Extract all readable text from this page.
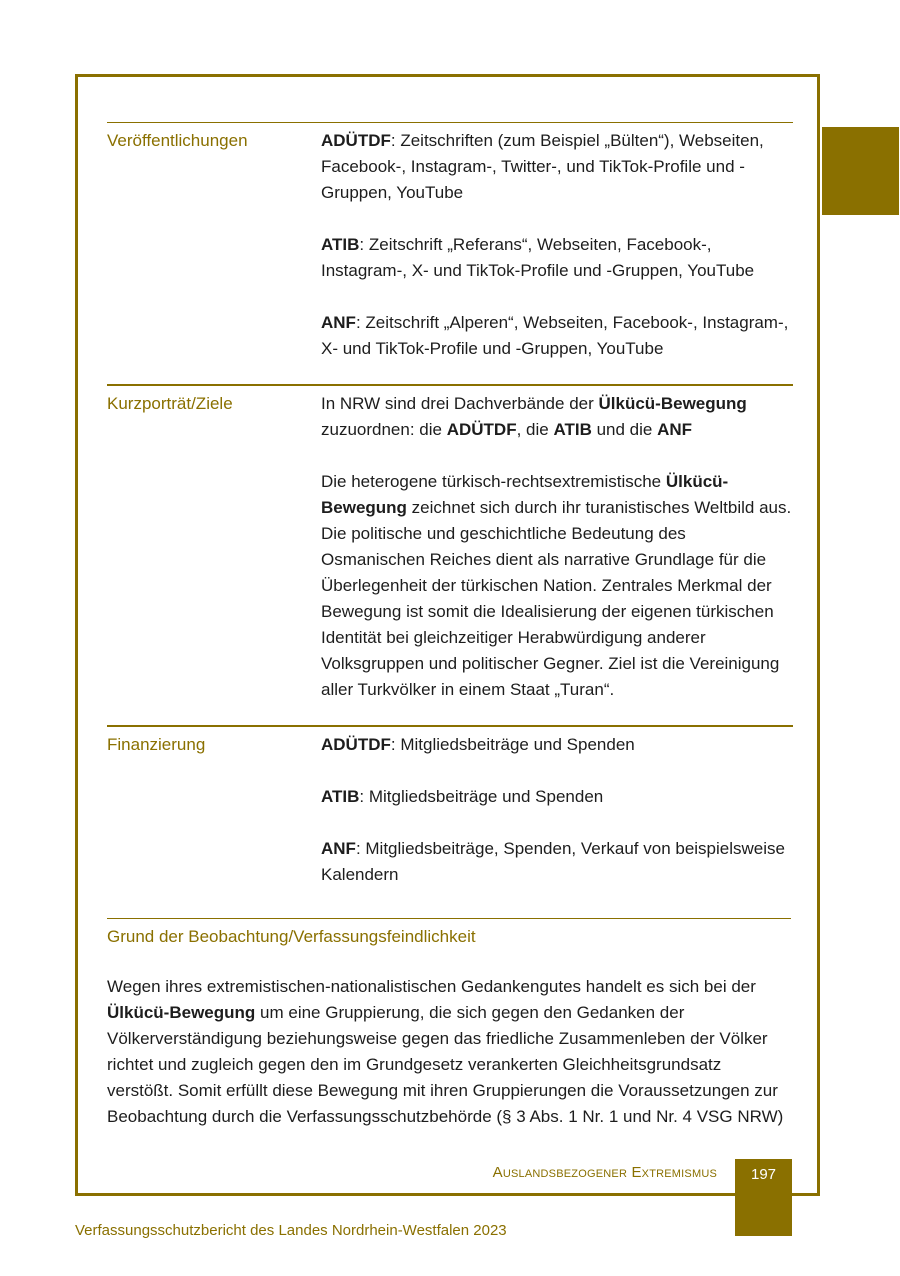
Veröffentlichungen	ADÜTDF: Zeitschriften (zum Beispiel „Bülten“), Webseiten, Facebook-, Instagram-, Twitter-, und TikTok-Profile und -Gruppen, YouTube

ATIB: Zeitschrift „Referans“, Webseiten, Facebook-, Instagram-, X- und TikTok-Profile und -Gruppen, YouTube

ANF: Zeitschrift „Alperen“, Webseiten, Facebook-, Instagram-, X- und TikTok-Profile und -Gruppen, YouTube

Kurzporträt/Ziele	In NRW sind drei Dachverbände der Ülkücü-Bewegung zuzuordnen: die ADÜTDF, die ATIB und die ANF

Die heterogene türkisch-rechtsextremistische Ülkücü-Bewegung zeichnet sich durch ihr turanistisches Weltbild aus. Die politische und geschichtliche Bedeutung des Osmanischen Reiches dient als narrative Grundlage für die Überlegenheit der türkischen Nation. Zentrales Merkmal der Bewegung ist somit die Idealisierung der eigenen türkischen Identität bei gleichzeitiger Herabwürdigung anderer Volksgruppen und politischer Gegner. Ziel ist die Vereinigung aller Turkvölker in einem Staat „Turan“.

Finanzierung	ADÜTDF: Mitgliedsbeiträge und Spenden

ATIB: Mitgliedsbeiträge und Spenden

ANF: Mitgliedsbeiträge, Spenden, Verkauf von beispielsweise Kalendern

Grund der Beobachtung/Verfassungsfeindlichkeit
Wegen ihres extremistischen-nationalistischen Gedankengutes handelt es sich bei der Ülkücü-Bewegung um eine Gruppierung, die sich gegen den Gedanken der Völkerverständigung beziehungsweise gegen das friedliche Zusammenleben der Völker richtet und zugleich gegen den im Grundgesetz verankerten Gleichheitsgrundsatz verstößt. Somit erfüllt diese Bewegung mit ihren Gruppierungen die Voraussetzungen zur Beobachtung durch die Verfassungsschutzbehörde (§ 3 Abs. 1 Nr. 1 und Nr. 4 VSG NRW)
Auslandsbezogener Extremismus	197
Verfassungsschutzbericht des Landes Nordrhein-Westfalen 2023
